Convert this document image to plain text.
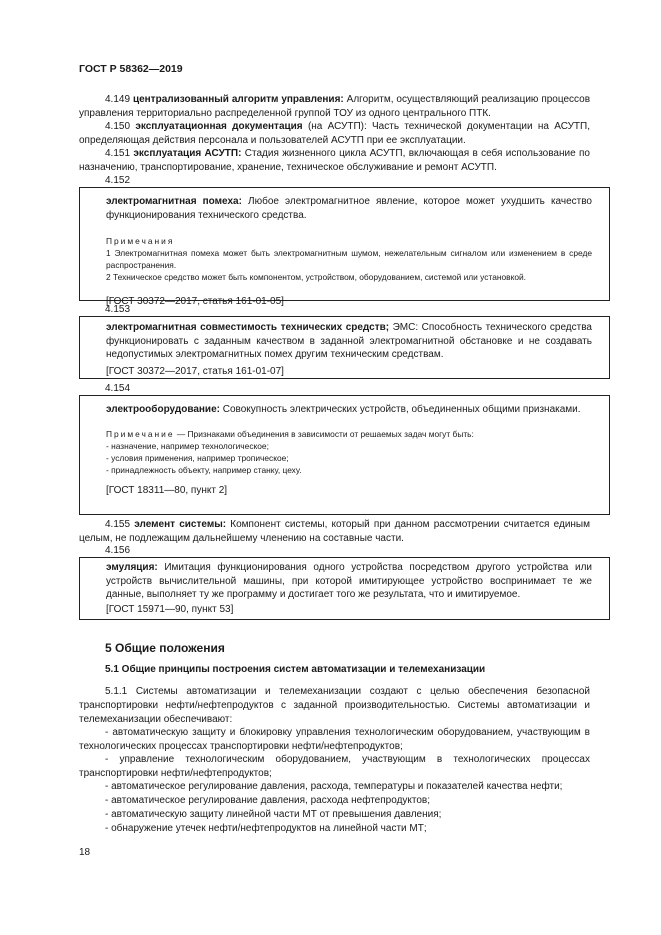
ГОСТ Р 58362—2019

4.149 централизованный алгоритм управления: Алгоритм, осуществляющий реализацию процессов управления территориально распределенной группой ТОУ из одного центрального ПТК.

4.150 эксплуатационная документация (на АСУТП): Часть технической документации на АСУТП, определяющая действия персонала и пользователей АСУТП при ее эксплуатации.

4.151 эксплуатация АСУТП: Стадия жизненного цикла АСУТП, включающая в себя использование по назначению, транспортирование, хранение, техническое обслуживание и ремонт АСУТП.

4.152

электромагнитная помеха: Любое электромагнитное явление, которое может ухудшить качество функционирования технического средства.

Примечания

1 Электромагнитная помеха может быть электромагнитным шумом, нежелательным сигналом или изменением в среде распространения.

2 Техническое средство может быть компонентом, устройством, оборудованием, системой или установкой.

[ГОСТ 30372—2017, статья 161-01-05]

4.153

электромагнитная совместимость технических средств; ЭМС: Способность технического средства функционировать с заданным качеством в заданной электромагнитной обстановке и не создавать недопустимых электромагнитных помех другим техническим средствам.

[ГОСТ 30372—2017, статья 161-01-07]

4.154

электрооборудование: Совокупность электрических устройств, объединенных общими признаками.

Примечание — Признаками объединения в зависимости от решаемых задач могут быть:

- назначение, например технологическое;

- условия применения, например тропическое;

- принадлежность объекту, например станку, цеху.

[ГОСТ 18311—80, пункт 2]

4.155 элемент системы: Компонент системы, который при данном рассмотрении считается единым целым, не подлежащим дальнейшему членению на составные части.

4.156

эмуляция: Имитация функционирования одного устройства посредством другого устройства или устройств вычислительной машины, при которой имитирующее устройство воспринимает те же данные, выполняет ту же программу и достигает того же результата, что и имитируемое.

[ГОСТ 15971—90, пункт 53]

5 Общие положения
5.1 Общие принципы построения систем автоматизации и телемеханизации

5.1.1 Системы автоматизации и телемеханизации создают с целью обеспечения безопасной транспортировки нефти/нефтепродуктов с заданной производительностью. Системы автоматизации и телемеханизации обеспечивают:

- автоматическую защиту и блокировку управления технологическим оборудованием, участвующим в технологических процессах транспортировки нефти/нефтепродуктов;

- управление технологическим оборудованием, участвующим в технологических процессах транспортировки нефти/нефтепродуктов;

- автоматическое регулирование давления, расхода, температуры и показателей качества нефти;

- автоматическое регулирование давления, расхода нефтепродуктов;

- автоматическую защиту линейной части МТ от превышения давления;

- обнаружение утечек нефти/нефтепродуктов на линейной части МТ;

18
